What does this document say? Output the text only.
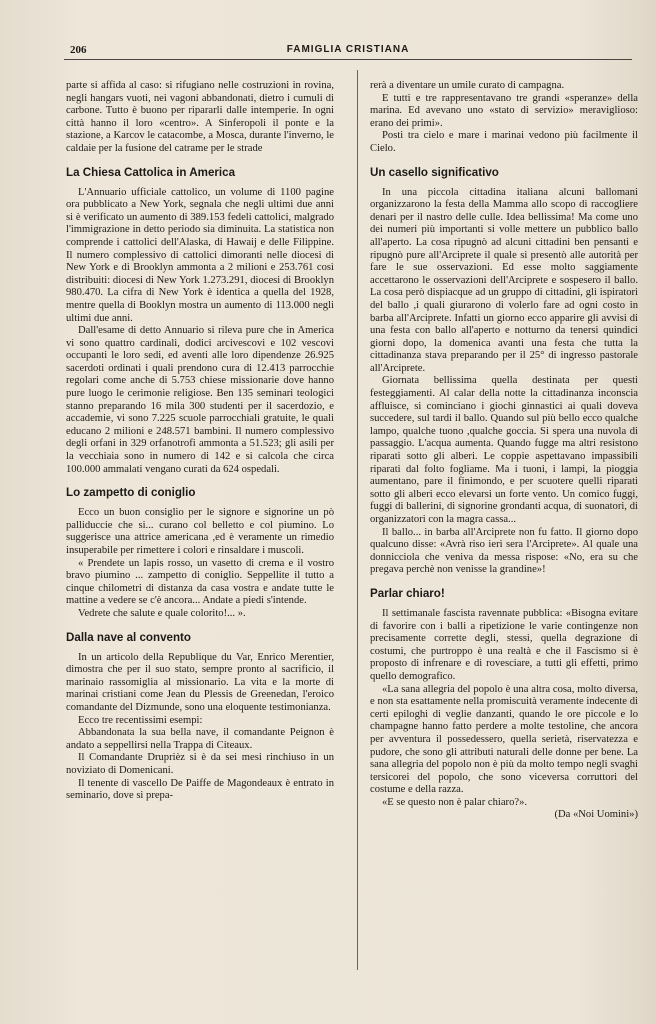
206	FAMIGLIA CRISTIANA

parte si affida al caso: si rifugiano nelle costruzioni in rovina, negli hangars vuoti, nei vagoni abbandonati, dietro i cumuli di carbone. Tutto è buono per ripararli dalle intemperie. In ogni città hanno il loro «centro». A Sinferopoli il ponte e la stazione, a Karcov le catacombe, a Mosca, durante l'inverno, le caldaie per la fusione del catrame per le strade

La Chiesa Cattolica in America

L'Annuario ufficiale cattolico, un volume di 1100 pagine ora pubblicato a New York, segnala che negli ultimi due anni si è verificato un aumento di 389.153 fedeli cattolici, malgrado l'immigrazione in detto periodo sia diminuita. La statistica non comprende i cattolici dell'Alaska, di Hawaij e delle Filippine. Il numero complessivo di cattolici dimoranti nelle diocesi di New York e di Brooklyn ammonta a 2 milioni e 253.761 così distribuiti: diocesi di New York 1.273.291, diocesi di Brooklyn 980.470. La cifra di New York è identica a quella del 1928, mentre quella di Booklyn mostra un aumento di 113.000 negli ultimi due anni.

Dall'esame di detto Annuario si rileva pure che in America vi sono quattro cardinali, dodici arcivescovi e 102 vescovi occupanti le loro sedi, ed aventi alle loro dipendenze 26.925 sacerdoti ordinati i quali prendono cura di 12.413 parrocchie regolari come anche di 5.753 chiese missionarie dove hanno pure luogo le cerimonie religiose. Ben 135 seminari teologici stanno preparando 16 mila 300 studenti per il sacerdozio, e accademie, vi sono 7.225 scuole parrocchiali gratuite, le quali educano 2 milioni e 248.571 bambini. Il numero complessivo degli orfani in 329 orfanotrofi ammonta a 51.523; gli asili per la vecchiaia sono in numero di 142 e si calcola che circa 100.000 ammalati vengano curati da 624 ospedali.

Lo zampetto di coniglio

Ecco un buon consiglio per le signore e signorine un pò palliduccie che si... curano col belletto e col piumino. Lo suggerisce una attrice americana ,ed è veramente un rimedio insuperabile per rimettere i colori e rinsaldare i muscoli.

« Prendete un lapis rosso, un vasetto di crema e il vostro bravo piumino ... zampetto di coniglio. Seppellite il tutto a cinque chilometri di distanza da casa vostra e andate tutte le mattine a vedere se c'è ancora... Andate a piedi s'intende.

Vedrete che salute e quale colorito!... ».

Dalla nave al convento

In un articolo della Republique du Var, Enrico Merentier, dimostra che per il suo stato, sempre pronto al sacrificio, il marinaio rassomiglia al missionario. La vita e la morte di marinai cristiani come Jean du Plessis de Greenedan, l'eroico comandante del Dizmunde, sono una eloquente testimonianza.

Ecco tre recentissimi esempi:

Abbandonata la sua bella nave, il comandante Peignon è andato a seppellirsi nella Trappa di Citeaux.

Il Comandante Druprièz si è da sei mesi rinchiuso in un noviziato di Domenicani.

Il tenente di vascello De Paiffe de Magondeaux è entrato in seminario, dove si prepa-

rerà a diventare un umile curato di campagna.

E tutti e tre rappresentavano tre grandi «speranze» della marina. Ed avevano uno «stato di servizio» meraviglioso: erano dei primi».

Posti tra cielo e mare i marinai vedono più facilmente il Cielo.

Un casello significativo

In una piccola cittadina italiana alcuni ballomani organizzarono la festa della Mamma allo scopo di raccogliere denari per il nastro delle culle. Idea bellissima! Ma come uno dei numeri più importanti si volle mettere un pubblico ballo all'aperto. La cosa ripugnò ad alcuni cittadini ben pensanti e ripugnò pure all'Arciprete il quale si presentò alle autorità per fare le sue osservazioni. Ed esse molto saggiamente accettarono le osservazioni dell'Arciprete e sospesero il ballo. La cosa però dispiacque ad un gruppo di cittadini, gli ispiratori del ballo ,i quali giurarono di volerlo fare ad ogni costo in barba all'Arciprete. Infatti un giorno ecco apparire gli avvisi di una festa con ballo all'aperto e notturno da tenersi quindici giorni dopo, la domenica avanti una festa che tutta la cittadinanza stava preparando per il 25° di ingresso pastorale all'Arciprete.

Giornata bellissima quella destinata per questi festeggiamenti. Al calar della notte la cittadinanza inconscia affluisce, si cominciano i giochi ginnastici ai quali doveva succedere, sul tardi il ballo. Quando sul più bello ecco qualche lampo, qualche tuono ,qualche goccia. Si spera una nuvola di passaggio. L'acqua aumenta. Quando fugge ma altri resistono riparati sotto gli alberi. Le coppie aspettavano impassibili riparati dal folto fogliame. Ma i tuoni, i lampi, la pioggia aumentano, pare il finimondo, e per scuotere quelli riparati sotto gli alberi ecco elevarsi un forte vento. Un comico fuggi, fuggi di ballerini, di signorine grondanti acqua, di suonatori, di organizzatori con la magra cassa...

Il ballo... in barba all'Arciprete non fu fatto. Il giorno dopo qualcuno disse: «Avrà riso ieri sera l'Arciprete». Al quale una donnicciola che veniva da messa rispose: «No, era su che pregava perchè non venisse la grandine»!

Parlar chiaro!

Il settimanale fascista ravennate pubblica: «Bisogna evitare di favorire con i balli a ripetizione le varie contingenze non precisamente corrette degli, stessi, quella degrazione di costumi, che purtroppo è una realtà e che il Fascismo si è proposto di infrenare e di rovesciare, a tutti gli effetti, primo quello demografico.

«La sana allegria del popolo è una altra cosa, molto diversa, e non sta esattamente nella promiscuità veramente indecente di certi epiloghi di veglie danzanti, quando le ore piccole e lo champagne hanno fatto perdere a molte testoline, che ancora per avventura il possedessero, quella serietà, riservatezza e pudore, che sono gli attributi naturali delle donne per bene. La sana allegria del popolo non è più da molto tempo negli svaghi tersicorei del popolo, che sono viceversa corruttori del costume e della razza.

«E se questo non è palar chiaro?».

(Da «Noi Uomini»)
